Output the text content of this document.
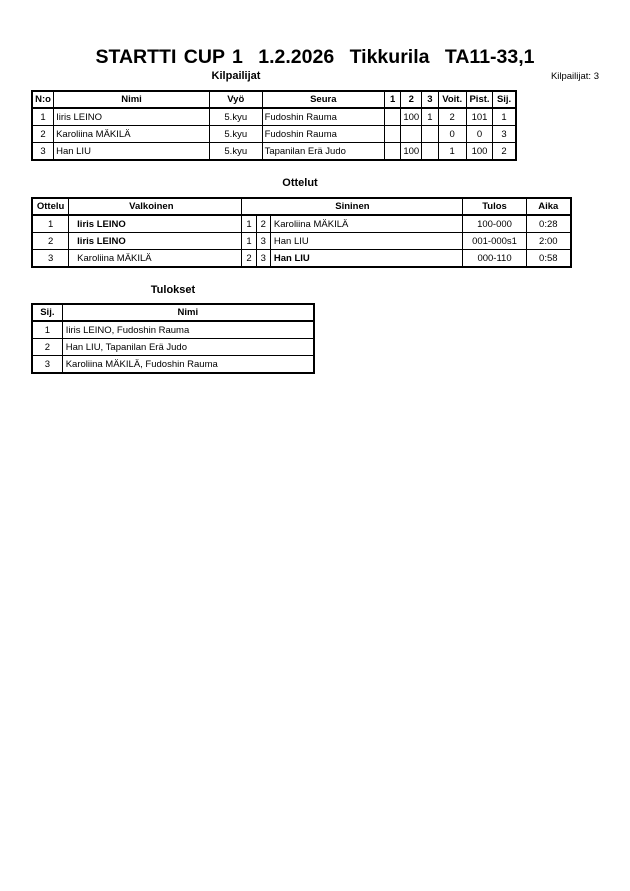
STARTTI CUP 1 1.2.2026 Tikkurila TA11-33,1
Kilpailijat	Kilpailijat: 3
N:o	Nimi	Vyö	Seura	1	2	3	Voit.	Pist.	Sij.
1	Iiris LEINO	5.kyu	Fudoshin Rauma		100	1	2	101	1
2	Karoliina MÄKILÄ	5.kyu	Fudoshin Rauma				0	0	3
3	Han LIU	5.kyu	Tapanilan Erä Judo		100		1	100	2
Ottelut
Ottelu	Valkoinen	Sininen			Tulos	Aika
1	Iiris LEINO	1	2	Karoliina MÄKILÄ	100-000	0:28
2	Iiris LEINO	1	3	Han LIU	001-000s1	2:00
3	Karoliina MÄKILÄ	2	3	Han LIU	000-110	0:58
Tulokset
Sij.	Nimi
1	Iiris LEINO, Fudoshin Rauma
2	Han LIU, Tapanilan Erä Judo
3	Karoliina MÄKILÄ, Fudoshin Rauma
